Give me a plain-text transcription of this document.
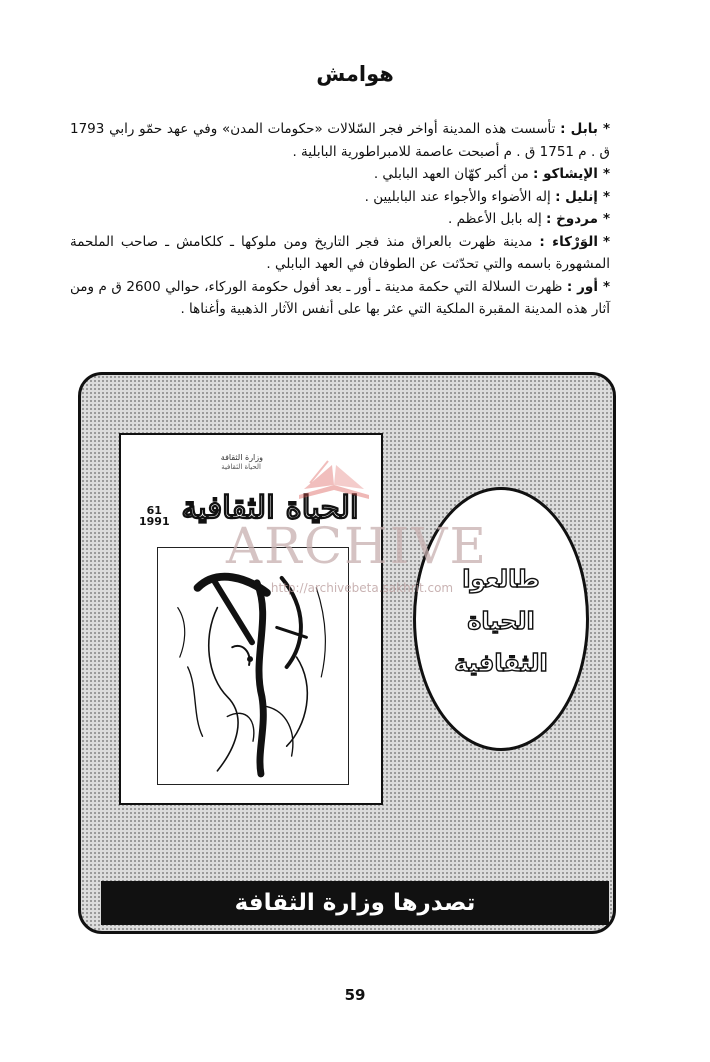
هوامش

*بابل : تأسست هذه المدينة أواخر فجر السّلالات «حكومات المدن» وفي عهد حمّو رابي 1793 ق . م 1751 ق . م أصبحت عاصمة للامبراطورية البابلية .

*الإيشاكو : من أكبر كهّان العهد البابلي .

*إنليل : إله الأضواء والأجواء عند البابليين .

*مردوخ : إله بابل الأعظم .

*الوَرْكاء : مدينة ظهرت بالعراق منذ فجر التاريخ ومن ملوكها ـ كلكامش ـ صاحب الملحمة المشهورة باسمه والتي تحدّثت عن الطوفان في العهد البابلي .

*أور : ظهرت السلالة التي حكمة مدينة ـ أور ـ بعد أفول حكومة الوركاء، حوالي 2600 ق م ومن آثار هذه المدينة المقبرة الملكية التي عثر بها على أنفس الآثار الذهبية وأغناها .

وزارة الثقافة
الحياة الثقافية
61
1991 الحياة الثقافية
طالعوا
الحياة
الثقافية
تصدرها وزارة الثقافة
ARCHIVE
http://archivebeta.sakhrit.com
59
